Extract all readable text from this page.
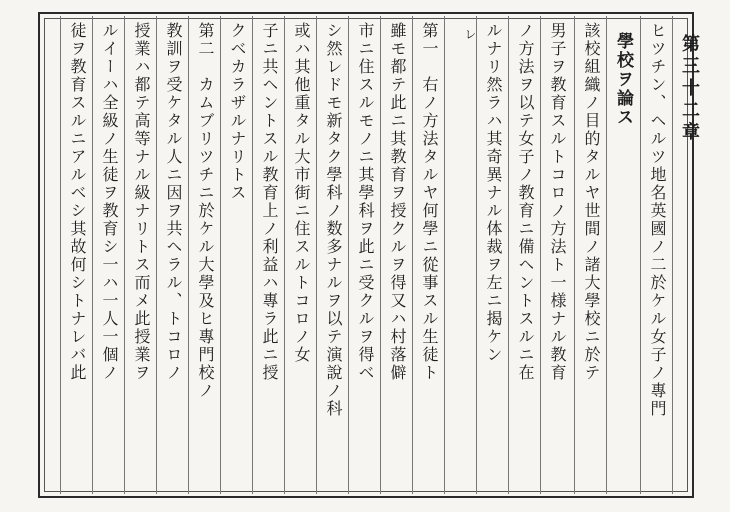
第三十二章
ヒツチン、ヘルツ地名英國ノ二於ケル女子ノ專門
學校ヲ論ス
該校組織ノ目的タルヤ世間ノ諸大學校ニ於テ
男子ヲ教育スルトコロノ方法ト一様ナル教育
ノ方法ヲ以テ女子ノ教育ニ備ヘントスルニ在
ルナリ然ラハ其奇異ナル体裁ヲ左ニ揭ケン
レ
第一　右ノ方法タルヤ何學ニ從事スル生徒ト
雖モ都テ此ニ其教育ヲ授クルヲ得又ハ村落僻
市ニ住スルモノニ其學科ヲ此ニ受クルヲ得ベ
シ然レドモ新タク學科ノ数多ナルヲ以テ演說ノ科
或ハ其他重タル大市街ニ住スルトコロノ女
子ニ共ヘントスル教育上ノ利益ハ專ラ此ニ授
クベカラザルナリトス
第二　カムブリツチニ於ケル大學及ヒ專門校ノ
教訓ヲ受ケタル人ニ因ヲ共ヘラル、トコロノ
授業ハ都テ高等ナル級ナリトス而メ此授業ヲ
ルイーハ全級ノ生徒ヲ教育シ一ハ一人一個ノ
徒ヲ教育スルニアルベシ其故何シトナレバ此
